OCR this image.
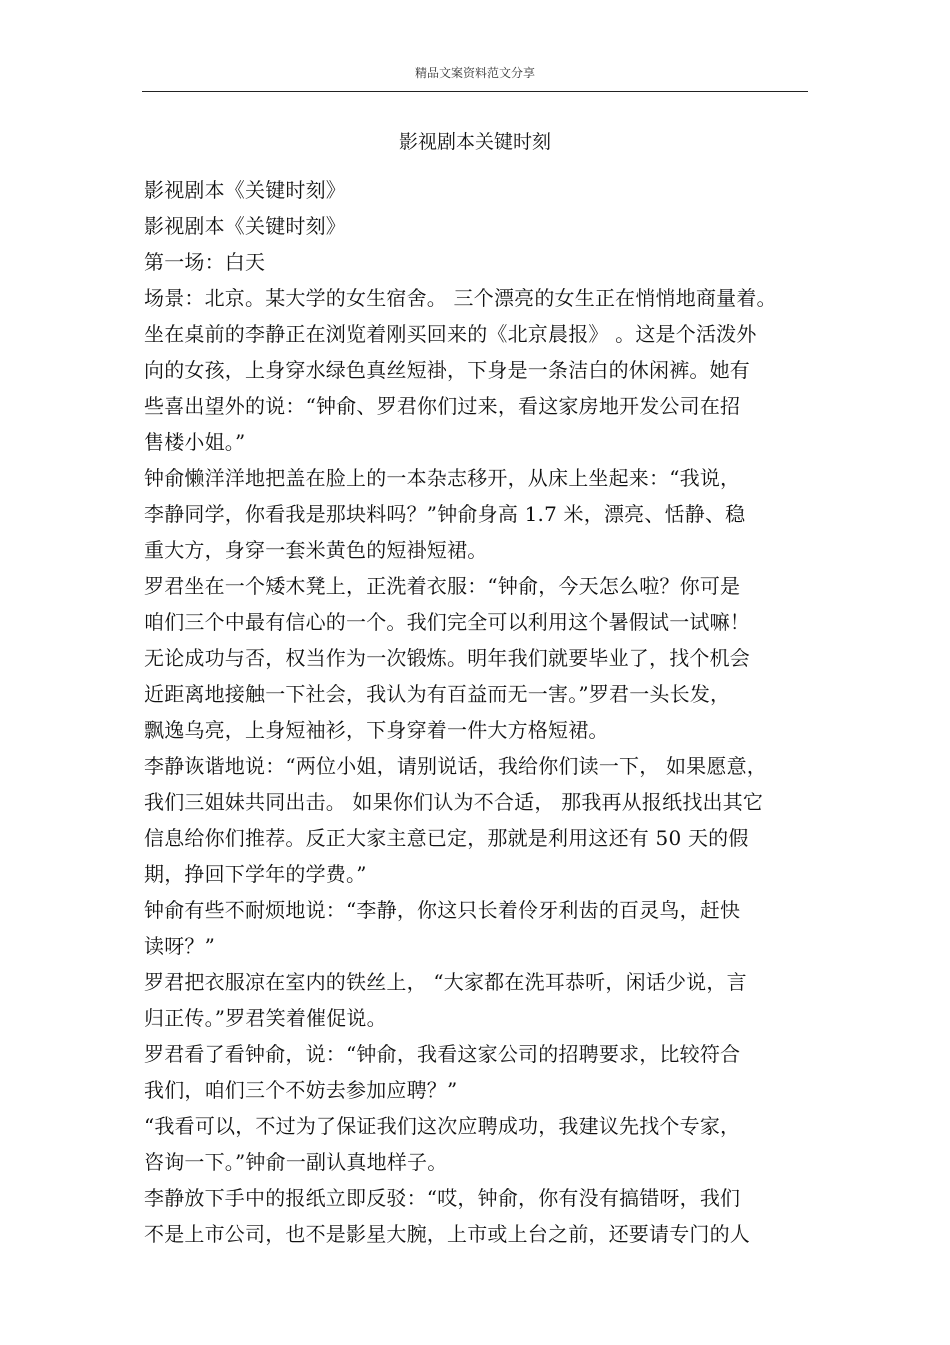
精品文案资料范文分享
影视剧本关键时刻
影视剧本《关键时刻》
影视剧本《关键时刻》
第一场：白天
场景：北京。某大学的女生宿舍。 三个漂亮的女生正在悄悄地商量着。
坐在桌前的李静正在浏览着刚买回来的《北京晨报》 。这是个活泼外
向的女孩，上身穿水绿色真丝短褂，下身是一条洁白的休闲裤。她有
些喜出望外的说：“钟俞、罗君你们过来，看这家房地开发公司在招
售楼小姐。”
钟俞懒洋洋地把盖在脸上的一本杂志移开，从床上坐起来：“我说，
李静同学，你看我是那块料吗？”钟俞身高 1.7 米，漂亮、恬静、稳
重大方，身穿一套米黄色的短褂短裙。
罗君坐在一个矮木凳上，正洗着衣服：“钟俞，今天怎么啦？你可是
咱们三个中最有信心的一个。我们完全可以利用这个暑假试一试嘛！
无论成功与否，权当作为一次锻炼。明年我们就要毕业了，找个机会
近距离地接触一下社会，我认为有百益而无一害。”罗君一头长发，
飘逸乌亮，上身短袖衫，下身穿着一件大方格短裙。
李静诙谐地说：“两位小姐，请别说话，我给你们读一下， 如果愿意，
我们三姐妹共同出击。 如果你们认为不合适， 那我再从报纸找出其它
信息给你们推荐。反正大家主意已定，那就是利用这还有 50 天的假
期，挣回下学年的学费。”
钟俞有些不耐烦地说：“李静，你这只长着伶牙利齿的百灵鸟，赶快
读呀？”
罗君把衣服凉在室内的铁丝上， “大家都在洗耳恭听，闲话少说，言
归正传。”罗君笑着催促说。
罗君看了看钟俞，说：“钟俞，我看这家公司的招聘要求，比较符合
我们，咱们三个不妨去参加应聘？”
“我看可以，不过为了保证我们这次应聘成功，我建议先找个专家，
咨询一下。”钟俞一副认真地样子。
李静放下手中的报纸立即反驳：“哎，钟俞，你有没有搞错呀，我们
不是上市公司，也不是影星大腕，上市或上台之前，还要请专门的人
